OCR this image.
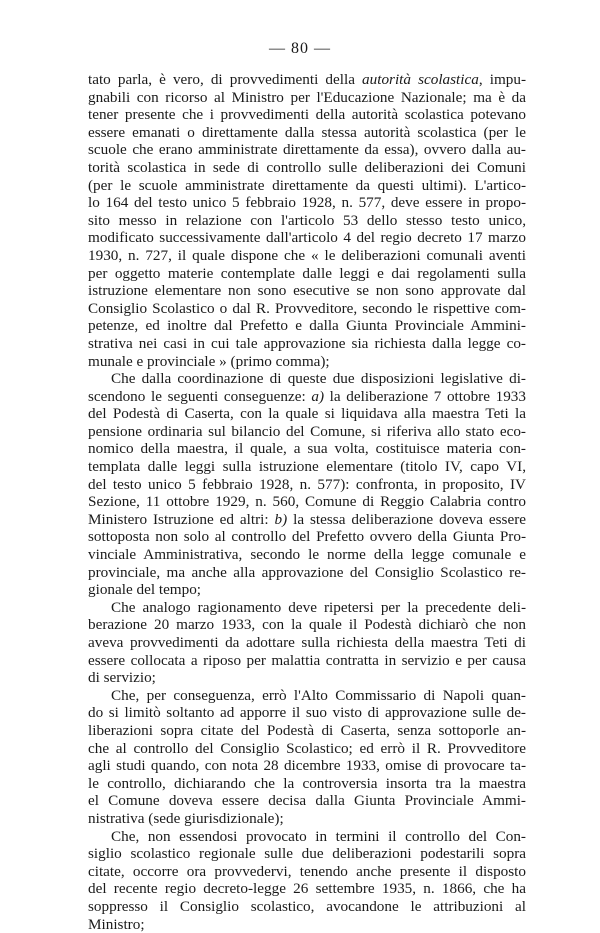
— 80 —
tato parla, è vero, di provvedimenti della autorità scolastica, impu-
gnabili con ricorso al Ministro per l'Educazione Nazionale; ma è da
tener presente che i provvedimenti della autorità scolastica potevano
essere emanati o direttamente dalla stessa autorità scolastica (per le
scuole che erano amministrate direttamente da essa), ovvero dalla au-
torità scolastica in sede di controllo sulle deliberazioni dei Comuni
(per le scuole amministrate direttamente da questi ultimi). L'artico-
lo 164 del testo unico 5 febbraio 1928, n. 577, deve essere in propo-
sito messo in relazione con l'articolo 53 dello stesso testo unico,
modificato successivamente dall'articolo 4 del regio decreto 17 marzo
1930, n. 727, il quale dispone che « le deliberazioni comunali aventi
per oggetto materie contemplate dalle leggi e dai regolamenti sulla
istruzione elementare non sono esecutive se non sono approvate dal
Consiglio Scolastico o dal R. Provveditore, secondo le rispettive com-
petenze, ed inoltre dal Prefetto e dalla Giunta Provinciale Ammini-
strativa nei casi in cui tale approvazione sia richiesta dalla legge co-
munale e provinciale » (primo comma);
Che dalla coordinazione di queste due disposizioni legislative di-
scendono le seguenti conseguenze: a) la deliberazione 7 ottobre 1933
del Podestà di Caserta, con la quale si liquidava alla maestra Teti la
pensione ordinaria sul bilancio del Comune, si riferiva allo stato eco-
nomico della maestra, il quale, a sua volta, costituisce materia con-
templata dalle leggi sulla istruzione elementare (titolo IV, capo VI,
del testo unico 5 febbraio 1928, n. 577): confronta, in proposito, IV
Sezione, 11 ottobre 1929, n. 560, Comune di Reggio Calabria contro
Ministero Istruzione ed altri: b) la stessa deliberazione doveva essere
sottoposta non solo al controllo del Prefetto ovvero della Giunta Pro-
vinciale Amministrativa, secondo le norme della legge comunale e
provinciale, ma anche alla approvazione del Consiglio Scolastico re-
gionale del tempo;
Che analogo ragionamento deve ripetersi per la precedente deli-
berazione 20 marzo 1933, con la quale il Podestà dichiarò che non
aveva provvedimenti da adottare sulla richiesta della maestra Teti di
essere collocata a riposo per malattia contratta in servizio e per causa
di servizio;
Che, per conseguenza, errò l'Alto Commissario di Napoli quan-
do si limitò soltanto ad apporre il suo visto di approvazione sulle de-
liberazioni sopra citate del Podestà di Caserta, senza sottoporle an-
che al controllo del Consiglio Scolastico; ed errò il R. Provveditore
agli studi quando, con nota 28 dicembre 1933, omise di provocare ta-
le controllo, dichiarando che la controversia insorta tra la maestra
el Comune doveva essere decisa dalla Giunta Provinciale Ammi-
nistrativa (sede giurisdizionale);
Che, non essendosi provocato in termini il controllo del Con-
siglio scolastico regionale sulle due deliberazioni podestarili sopra
citate, occorre ora provvedervi, tenendo anche presente il disposto
del recente regio decreto-legge 26 settembre 1935, n. 1866, che ha
soppresso il Consiglio scolastico, avocandone le attribuzioni al
Ministro;
